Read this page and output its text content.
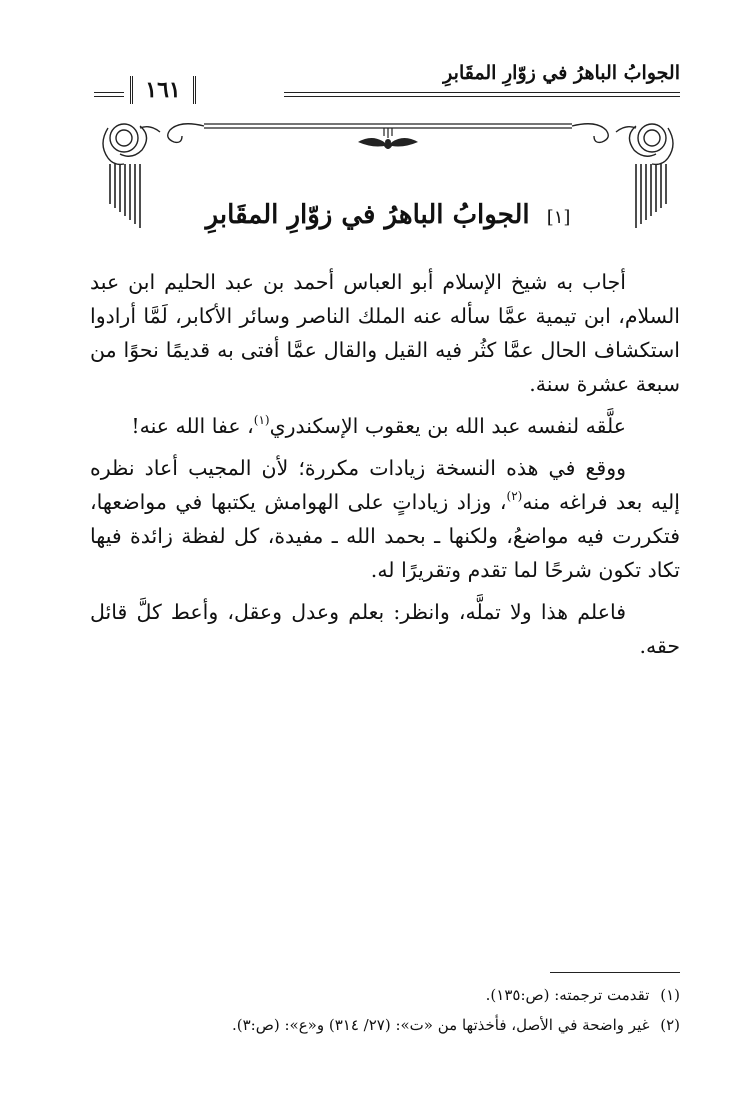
الجوابُ الباهرُ في زوّارِ المقَابرِ
١٦١
[١] الجوابُ الباهرُ في زوّارِ المقَابرِ

أجاب به شيخ الإسلام أبو العباس أحمد بن عبد الحليم ابن عبد السلام، ابن تيمية عمَّا سأله عنه الملك الناصر وسائر الأكابر، لَمَّا أرادوا استكشاف الحال عمَّا كثُر فيه القيل والقال عمَّا أفتى به قديمًا نحوًا من سبعة عشرة سنة.

علَّقه لنفسه عبد الله بن يعقوب الإسكندري$^{(١)}$، عفا الله عنه!

ووقع في هذه النسخة زيادات مكررة؛ لأن المجيب أعاد نظره إليه بعد فراغه منه$^{(٢)}$، وزاد زياداتٍ على الهوامش يكتبها في مواضعها، فتكررت فيه مواضعُ، ولكنها ـ بحمد الله ـ مفيدة، كل لفظة زائدة فيها تكاد تكون شرحًا لما تقدم وتقريرًا له.

فاعلم هذا ولا تملَّه، وانظر: بعلم وعدل وعقل، وأعط كلَّ قائل حقه.

(١) تقدمت ترجمته: (ص:١٣٥).
(٢) غير واضحة في الأصل، فأخذتها من «ت»: (٢٧/ ٣١٤) و«ع»: (ص:٣).
